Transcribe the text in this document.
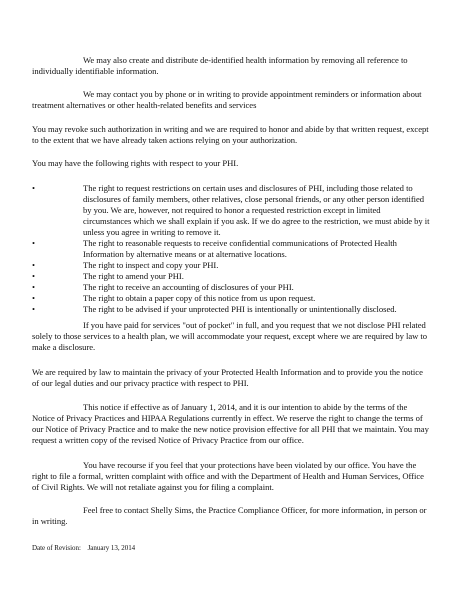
We may also create and distribute de-identified health information by removing all reference to individually identifiable information.

We may contact you by phone or in writing to provide appointment reminders or information about treatment alternatives or other health-related benefits and services

You may revoke such authorization in writing and we are required to honor and abide by that written request, except to the extent that we have already taken actions relying on your authorization.

You may have the following rights with respect to your PHI.

•	The right to request restrictions on certain uses and disclosures of PHI, including those related to disclosures of family members, other relatives, close personal friends, or any other person identified by you. We are, however, not required to honor a requested restriction except in limited circumstances which we shall explain if you ask. If we do agree to the restriction, we must abide by it unless you agree in writing to remove it.
•	The right to reasonable requests to receive confidential communications of Protected Health Information by alternative means or at alternative locations.
•	The right to inspect and copy your PHI.
•	The right to amend your PHI.
•	The right to receive an accounting of disclosures of your PHI.
•	The right to obtain a paper copy of this notice from us upon request.
•	The right to be advised if your unprotected PHI is intentionally or unintentionally disclosed.

If you have paid for services "out of pocket" in full, and you request that we not disclose PHI related solely to those services to a health plan, we will accommodate your request, except where we are required by law to make a disclosure.

We are required by law to maintain the privacy of your Protected Health Information and to provide you the notice of our legal duties and our privacy practice with respect to PHI.

This notice if effective as of January 1, 2014, and it is our intention to abide by the terms of the Notice of Privacy Practices and HIPAA Regulations currently in effect. We reserve the right to change the terms of our Notice of Privacy Practice and to make the new notice provision effective for all PHI that we maintain. You may request a written copy of the revised Notice of Privacy Practice from our office.

You have recourse if you feel that your protections have been violated by our office. You have the right to file a formal, written complaint with office and with the Department of Health and Human Services, Office of Civil Rights. We will not retaliate against you for filing a complaint.

Feel free to contact Shelly Sims, the Practice Compliance Officer, for more information, in person or in writing.

Date of Revision: January 13, 2014
